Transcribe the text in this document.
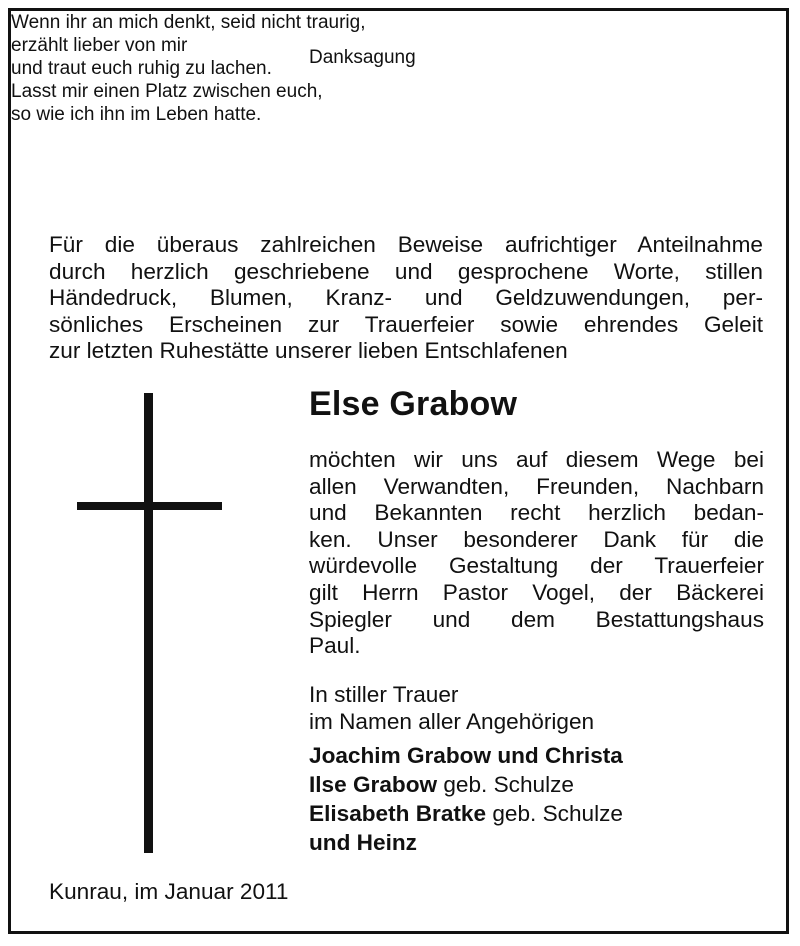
Danksagung
Wenn ihr an mich denkt, seid nicht traurig,
erzählt lieber von mir
und traut euch ruhig zu lachen.
Lasst mir einen Platz zwischen euch,
so wie ich ihn im Leben hatte.
Für die überaus zahlreichen Beweise aufrichtiger Anteilnahme
durch herzlich geschriebene und gesprochene Worte, stillen
Händedruck, Blumen, Kranz- und Geldzuwendungen, per-
sönliches Erscheinen zur Trauerfeier sowie ehrendes Geleit
zur letzten Ruhestätte unserer lieben Entschlafenen
Else Grabow
möchten wir uns auf diesem Wege bei
allen Verwandten, Freunden, Nachbarn
und Bekannten recht herzlich bedan-
ken. Unser besonderer Dank für die
würdevolle Gestaltung der Trauerfeier
gilt Herrn Pastor Vogel, der Bäckerei
Spiegler und dem Bestattungshaus
Paul.
In stiller Trauer
im Namen aller Angehörigen
Joachim Grabow und Christa
Ilse Grabow geb. Schulze
Elisabeth Bratke geb. Schulze
und Heinz
Kunrau, im Januar 2011
